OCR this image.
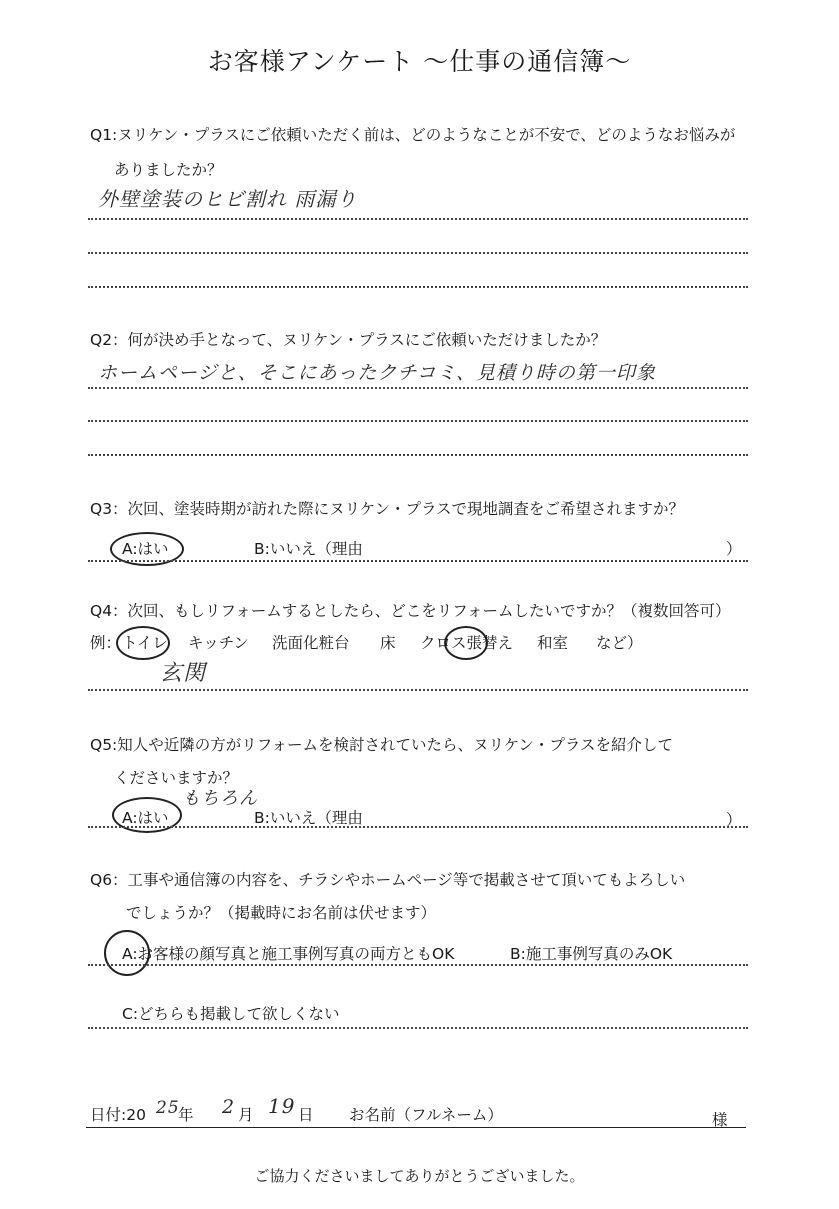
お客様アンケート ～仕事の通信簿～
Q1:ヌリケン・プラスにご依頼いただく前は、どのようなことが不安で、どのようなお悩みが
ありましたか？
外壁塗装のヒビ割れ 雨漏り
Q2：何が決め手となって、ヌリケン・プラスにご依頼いただけましたか？
ホームページと、そこにあったクチコミ、見積り時の第一印象
Q3：次回、塗装時期が訪れた際にヌリケン・プラスで現地調査をご希望されますか？
A:はい	B:いいえ（理由	）
Q4：次回、もしリフォームするとしたら、どこをリフォームしたいですか？（複数回答可）
例： トイレ キッチン 洗面化粧台 床 クロス張替え 和室 など）
玄関
Q5:知人や近隣の方がリフォームを検討されていたら、ヌリケン・プラスを紹介して
くださいますか？
もちろん
A:はい	B:いいえ（理由	）
Q6：工事や通信簿の内容を、チラシやホームページ等で掲載させて頂いてもよろしい
でしょうか？（掲載時にお名前は伏せます）
A:お客様の顔写真と施工事例写真の両方ともOK	B:施工事例写真のみOK
C:どちらも掲載して欲しくない
日付:20 25
年 2 月 19 日 お名前（フルネーム）	様
ご協力くださいましてありがとうございました。
